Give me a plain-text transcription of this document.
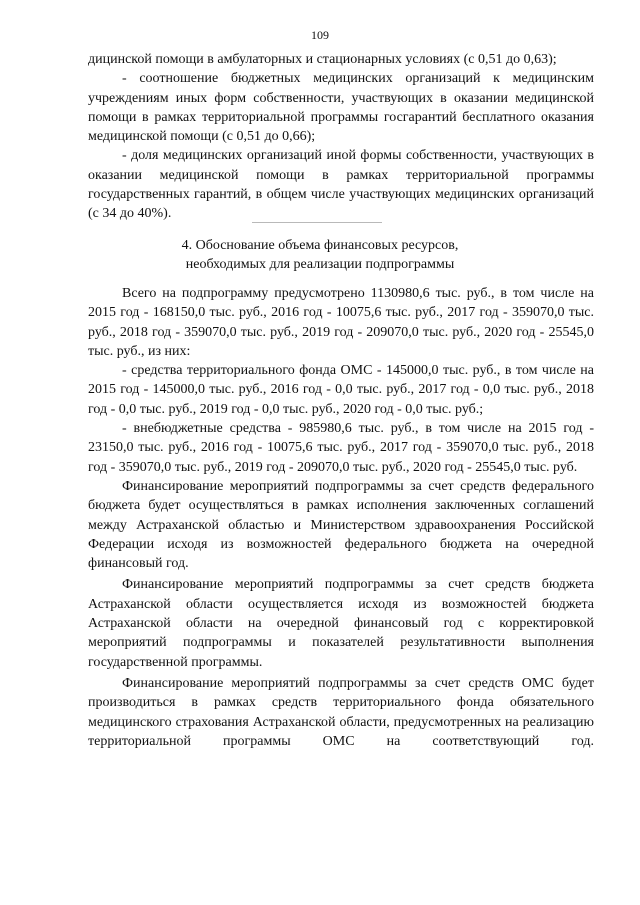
109

дицинской помощи в амбулаторных и стационарных условиях (с 0,51 до 0,63);

- соотношение бюджетных медицинских организаций к медицинским учреждениям иных форм собственности, участвующих в оказании медицинской помощи в рамках территориальной программы госгарантий бесплатного оказания медицинской помощи (с 0,51 до 0,66);

- доля медицинских организаций иной формы собственности, участвующих в оказании медицинской помощи в рамках территориальной программы государственных гарантий, в общем числе участвующих медицинских организаций (с 34 до 40%).

4. Обоснование объема финансовых ресурсов,
необходимых для реализации подпрограммы

Всего на подпрограмму предусмотрено 1130980,6 тыс. руб., в том числе на 2015 год - 168150,0 тыс. руб., 2016 год - 10075,6 тыс. руб., 2017 год - 359070,0 тыс. руб., 2018 год - 359070,0 тыс. руб., 2019 год - 209070,0 тыс. руб., 2020 год - 25545,0 тыс. руб., из них:

- средства территориального фонда ОМС - 145000,0 тыс. руб., в том числе на 2015 год - 145000,0 тыс. руб., 2016 год - 0,0 тыс. руб., 2017 год - 0,0 тыс. руб., 2018 год - 0,0 тыс. руб., 2019 год - 0,0 тыс. руб., 2020 год - 0,0 тыс. руб.;

- внебюджетные средства - 985980,6 тыс. руб., в том числе на 2015 год - 23150,0 тыс. руб., 2016 год - 10075,6 тыс. руб., 2017 год - 359070,0 тыс. руб., 2018 год - 359070,0 тыс. руб., 2019 год - 209070,0 тыс. руб., 2020 год - 25545,0 тыс. руб.

Финансирование мероприятий подпрограммы за счет средств федерального бюджета будет осуществляться в рамках исполнения заключенных соглашений между Астраханской областью и Министерством здравоохранения Российской Федерации исходя из возможностей федерального бюджета на очередной финансовый год.

Финансирование мероприятий подпрограммы за счет средств бюджета Астраханской области осуществляется исходя из возможностей бюджета Астраханской области на очередной финансовый год с корректировкой мероприятий подпрограммы и показателей результативности выполнения государственной программы.

Финансирование мероприятий подпрограммы за счет средств ОМС будет производиться в рамках средств территориального фонда обязательного медицинского страхования Астраханской области, предусмотренных на реализацию

территориальной программы ОМС на соответствующий год.
